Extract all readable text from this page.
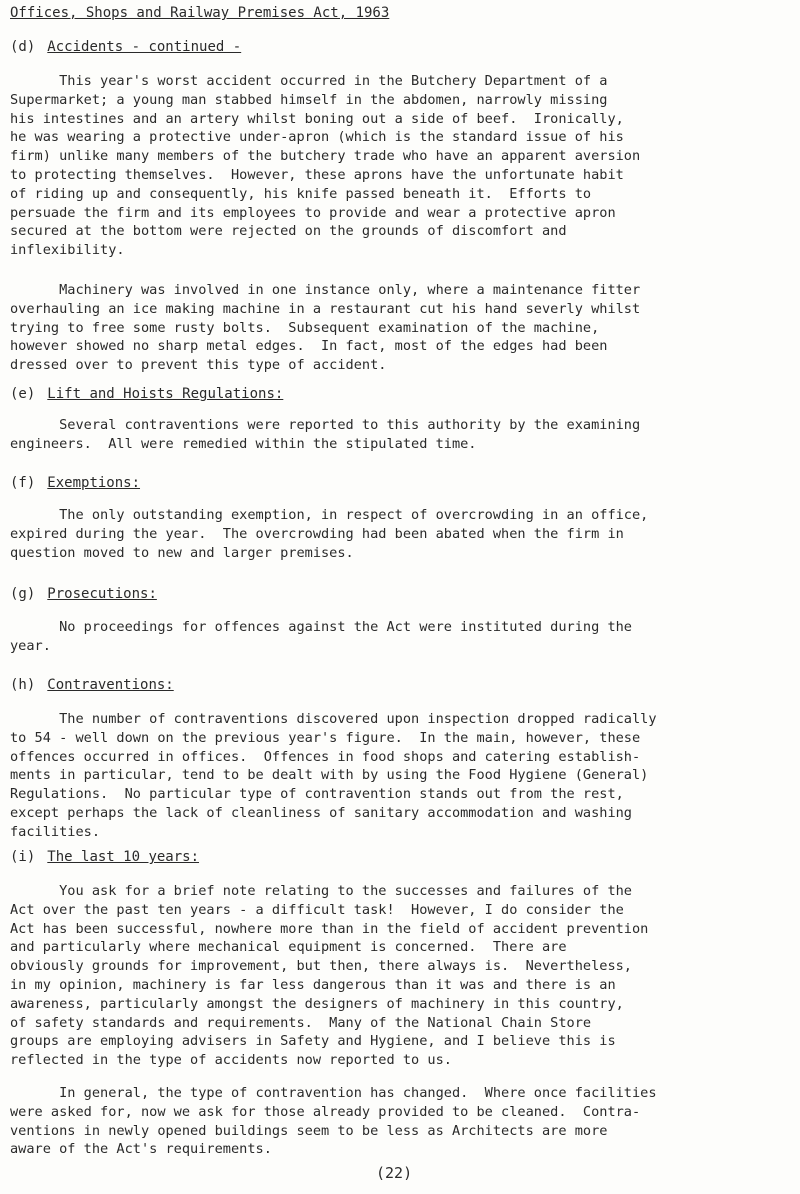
Offices, Shops and Railway Premises Act, 1963
(d) Accidents - continued -
This year's worst accident occurred in the Butchery Department of a
Supermarket; a young man stabbed himself in the abdomen, narrowly missing
his intestines and an artery whilst boning out a side of beef.  Ironically,
he was wearing a protective under-apron (which is the standard issue of his
firm) unlike many members of the butchery trade who have an apparent aversion
to protecting themselves.  However, these aprons have the unfortunate habit
of riding up and consequently, his knife passed beneath it.  Efforts to
persuade the firm and its employees to provide and wear a protective apron
secured at the bottom were rejected on the grounds of discomfort and
inflexibility.
Machinery was involved in one instance only, where a maintenance fitter
overhauling an ice making machine in a restaurant cut his hand severly whilst
trying to free some rusty bolts.  Subsequent examination of the machine,
however showed no sharp metal edges.  In fact, most of the edges had been
dressed over to prevent this type of accident.
(e) Lift and Hoists Regulations:
Several contraventions were reported to this authority by the examining
engineers.  All were remedied within the stipulated time.
(f) Exemptions:
The only outstanding exemption, in respect of overcrowding in an office,
expired during the year.  The overcrowding had been abated when the firm in
question moved to new and larger premises.
(g) Prosecutions:
No proceedings for offences against the Act were instituted during the
year.
(h) Contraventions:
The number of contraventions discovered upon inspection dropped radically
to 54 - well down on the previous year's figure.  In the main, however, these
offences occurred in offices.  Offences in food shops and catering establish-
ments in particular, tend to be dealt with by using the Food Hygiene (General)
Regulations.  No particular type of contravention stands out from the rest,
except perhaps the lack of cleanliness of sanitary accommodation and washing
facilities.
(i) The last 10 years:
You ask for a brief note relating to the successes and failures of the
Act over the past ten years - a difficult task!  However, I do consider the
Act has been successful, nowhere more than in the field of accident prevention
and particularly where mechanical equipment is concerned.  There are
obviously grounds for improvement, but then, there always is.  Nevertheless,
in my opinion, machinery is far less dangerous than it was and there is an
awareness, particularly amongst the designers of machinery in this country,
of safety standards and requirements.  Many of the National Chain Store
groups are employing advisers in Safety and Hygiene, and I believe this is
reflected in the type of accidents now reported to us.
In general, the type of contravention has changed.  Where once facilities
were asked for, now we ask for those already provided to be cleaned.  Contra-
ventions in newly opened buildings seem to be less as Architects are more
aware of the Act's requirements.
(22)
